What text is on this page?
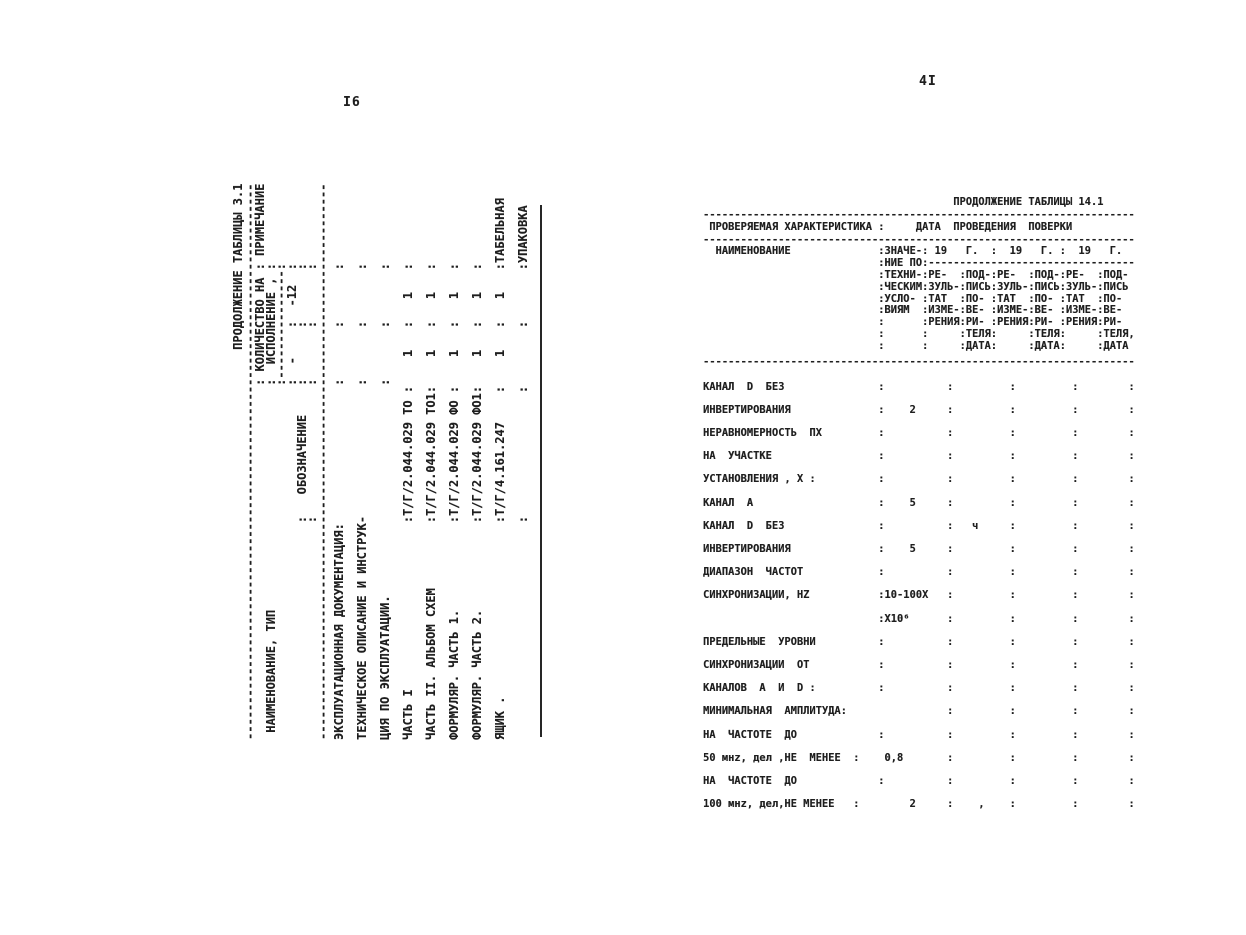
I6
4I
ПРОДОЛЖЕНИЕ ТАБЛИЦЫ 3.1
-----------------------------------------------------------------------------
: КОЛИЧЕСТВО НА : ПРИМЕЧАНИЕ
НАИМЕНОВАНИЕ, ТИП                               :  ИСПОЛНЕНИЕ , :
:---------------:
:  -    :  -12  :
:   ОБОЗНАЧЕНИЕ    :       :       :
:                  :       :       :
----------------------------------------------------------------------------- ЭКСПЛУАТАЦИОННАЯ ДОКУМЕНТАЦИЯ:                   :       :       : ТЕХНИЧЕСКОЕ ОПИСАНИЕ И ИНСТРУК-                  :       :       : ЦИЯ ПО ЭКСПЛУАТАЦИИ.                             :       :       : ЧАСТЬ I                       :Т/Г/2.044.029 ТО :    1   :   1   : ЧАСТЬ II. АЛЬБОМ СХЕМ         :Т/Г/2.044.029 ТО1:    1   :   1   : ФОРМУЛЯР. ЧАСТЬ 1.            :Т/Г/2.044.029 ФО :    1   :   1   : ФОРМУЛЯР. ЧАСТЬ 2.            :Т/Г/2.044.029 ФО1:    1   :   1   : ЯЩИК .                        :Т/Г/4.161.247    :    1   :   1   :ТАБЕЛЬНАЯ :                 :        :       :УПАКОВКА
ПРОДОЛЖЕНИЕ ТАБЛИЦЫ 14.1
---------------------------------------------------------------------
ПРОВЕРЯЕМАЯ ХАРАКТЕРИСТИКА :     ДАТА  ПРОВЕДЕНИЯ  ПОВЕРКИ
---------------------------------------------------------------------
НАИМЕНОВАНИЕ              :ЗНАЧЕ-: 19   Г.  :  19   Г. :  19   Г.
:НИЕ ПО:---------------------------------
:ТЕХНИ-:РЕ-  :ПОД-:РЕ-  :ПОД-:РЕ-  :ПОД-
:ЧЕСКИМ:ЗУЛЬ-:ПИСЬ:ЗУЛЬ-:ПИСЬ:ЗУЛЬ-:ПИСЬ
:УСЛО- :ТАТ  :ПО- :ТАТ  :ПО- :ТАТ  :ПО-
:ВИЯМ  :ИЗМЕ-:ВЕ- :ИЗМЕ-:ВЕ- :ИЗМЕ-:ВЕ-
:      :РЕНИЯ:РИ- :РЕНИЯ:РИ- :РЕНИЯ:РИ-
:      :     :ТЕЛЯ:     :ТЕЛЯ:     :ТЕЛЯ,
:      :     :ДАТА:     :ДАТА:     :ДАТА
---------------------------------------------------------------------
КАНАЛ  D  БЕЗ               :          :         :         :        :
ИНВЕРТИРОВАНИЯ              :    2     :         :         :        :
НЕРАВНОМЕРНОСТЬ  ПХ         :          :         :         :        :
НА  УЧАСТКЕ                 :          :         :         :        :
УСТАНОВЛЕНИЯ , X :          :          :         :         :        :
КАНАЛ  А                    :    5     :         :         :        :
КАНАЛ  D  БЕЗ               :          :   ч     :         :        :
ИНВЕРТИРОВАНИЯ              :    5     :         :         :        :
ДИАПАЗОН  ЧАСТОТ            :          :         :         :        :
СИНХРОНИЗАЦИИ, HZ           :10-100X   :         :         :        :
:X10⁶      :         :         :        :
ПРЕДЕЛЬНЫЕ  УРОВНИ          :          :         :         :        :
СИНХРОНИЗАЦИИ  ОТ           :          :         :         :        :
КАНАЛОВ  А  И  D :          :          :         :         :        :
МИНИМАЛЬНАЯ  АМПЛИТУДА:                :         :         :        :
НА  ЧАСТОТЕ  ДО             :          :         :         :        :
50 мнz, дел ,НЕ  МЕНЕЕ  :    0,8       :         :         :        :
НА  ЧАСТОТЕ  ДО             :          :         :         :        :
100 мнz, дел,НЕ МЕНЕЕ   :        2     :    ,    :         :        :
